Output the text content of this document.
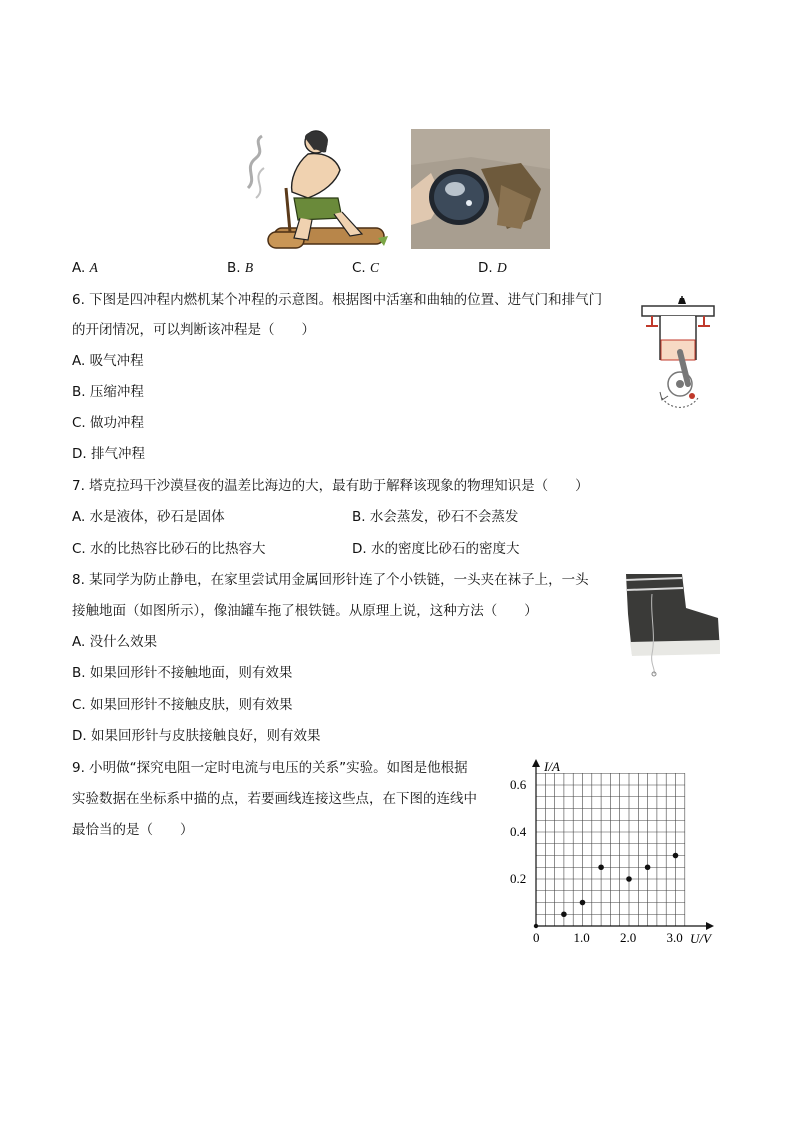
A. A	B. B	C. C	D. D
6. 下图是四冲程内燃机某个冲程的示意图。根据图中活塞和曲轴的位置、进气门和排气门
的开闭情况，可以判断该冲程是（　　）
A. 吸气冲程
B. 压缩冲程
C. 做功冲程
D. 排气冲程
7. 塔克拉玛干沙漠昼夜的温差比海边的大，最有助于解释该现象的物理知识是（　　）
A. 水是液体，砂石是固体	B. 水会蒸发，砂石不会蒸发
C. 水的比热容比砂石的比热容大	D. 水的密度比砂石的密度大
8. 某同学为防止静电，在家里尝试用金属回形针连了个小铁链，一头夹在袜子上，一头
接触地面（如图所示），像油罐车拖了根铁链。从原理上说，这种方法（　　）
A. 没什么效果
B. 如果回形针不接触地面，则有效果
C. 如果回形针不接触皮肤，则有效果
D. 如果回形针与皮肤接触良好，则有效果
9. 小明做“探究电阻一定时电流与电压的关系”实验。如图是他根据
实验数据在坐标系中描的点，若要画线连接这些点，在下图的连线中
最恰当的是（　　）
I/A
U/V
0	1.0 2.0 3.0
0.2
0.4
0.6
